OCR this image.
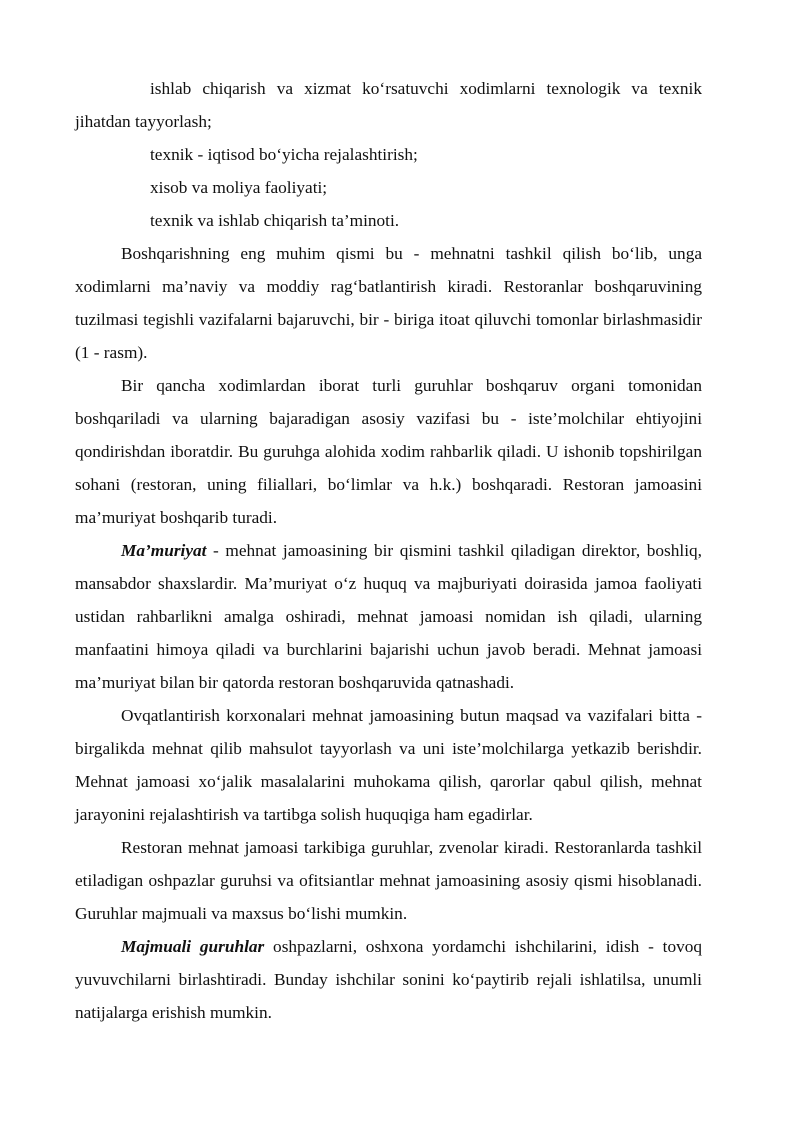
ishlab chiqarish va xizmat ko‘rsatuvchi xodimlarni texnologik va texnik jihatdan tayyorlash;

texnik - iqtisod bo‘yicha rejalashtirish;

xisob va moliya faoliyati;

texnik va ishlab chiqarish ta’minoti.

Boshqarishning eng muhim qismi bu - mehnatni tashkil qilish bo‘lib, unga xodimlarni ma’naviy va moddiy rag‘batlantirish kiradi. Restoranlar boshqaruvining tuzilmasi tegishli vazifalarni bajaruvchi, bir - biriga itoat qiluvchi tomonlar birlashmasidir (1 - rasm).

Bir qancha xodimlardan iborat turli guruhlar boshqaruv organi tomonidan boshqariladi va ularning bajaradigan asosiy vazifasi bu - iste’molchilar ehtiyojini qondirishdan iboratdir. Bu guruhga alohida xodim rahbarlik qiladi. U ishonib topshirilgan sohani (restoran, uning filiallari, bo‘limlar va h.k.) boshqaradi. Restoran jamoasini ma’muriyat boshqarib turadi.

Ma’muriyat - mehnat jamoasining bir qismini tashkil qiladigan direktor, boshliq, mansabdor shaxslardir. Ma’muriyat o‘z huquq va majburiyati doirasida jamoa faoliyati ustidan rahbarlikni amalga oshiradi, mehnat jamoasi nomidan ish qiladi, ularning manfaatini himoya qiladi va burchlarini bajarishi uchun javob beradi. Mehnat jamoasi ma’muriyat bilan bir qatorda restoran boshqaruvida qatnashadi.

Ovqatlantirish korxonalari mehnat jamoasining butun maqsad va vazifalari bitta - birgalikda mehnat qilib mahsulot tayyorlash va uni iste’molchilarga yetkazib berishdir. Mehnat jamoasi xo‘jalik masalalarini muhokama qilish, qarorlar qabul qilish, mehnat jarayonini rejalashtirish va tartibga solish huquqiga ham egadirlar.

Restoran mehnat jamoasi tarkibiga guruhlar, zvenolar kiradi. Restoranlarda tashkil etiladigan oshpazlar guruhsi va ofitsiantlar mehnat jamoasining asosiy qismi hisoblanadi. Guruhlar majmuali va maxsus bo‘lishi mumkin.

Majmuali guruhlar oshpazlarni, oshxona yordamchi ishchilarini, idish - tovoq yuvuvchilarni birlashtiradi. Bunday ishchilar sonini ko‘paytirib rejali ishlatilsa, unumli natijalarga erishish mumkin.
